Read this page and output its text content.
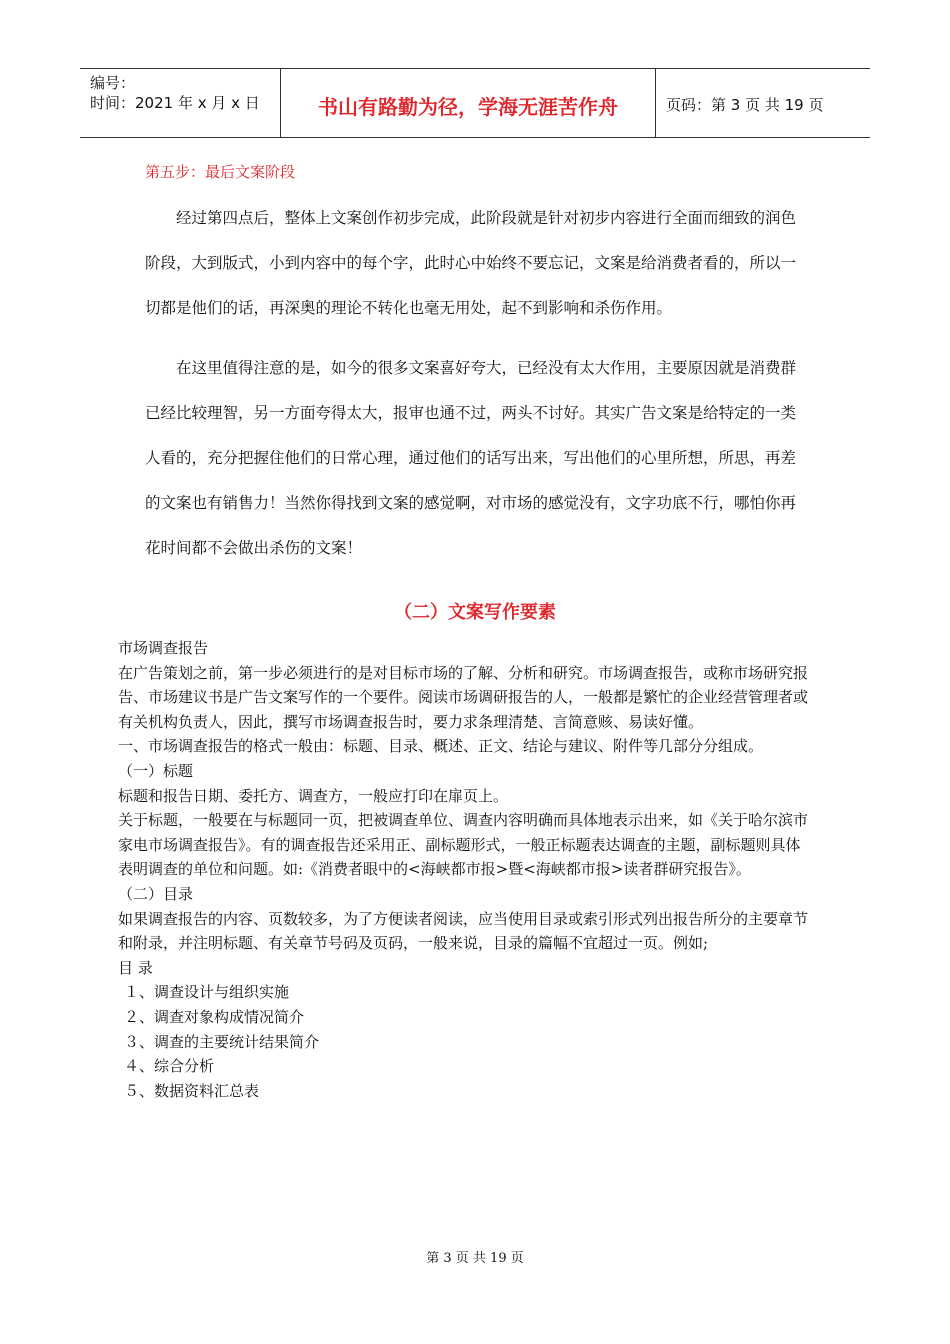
编号：
时间：2021 年 x 月 x 日	书山有路勤为径，学海无涯苦作舟	页码：第 3 页 共 19 页
第五步：最后文案阶段

经过第四点后，整体上文案创作初步完成，此阶段就是针对初步内容进行全面而细致的润色阶段，大到版式，小到内容中的每个字，此时心中始终不要忘记，文案是给消费者看的，所以一切都是他们的话，再深奥的理论不转化也毫无用处，起不到影响和杀伤作用。

在这里值得注意的是，如今的很多文案喜好夸大，已经没有太大作用，主要原因就是消费群已经比较理智，另一方面夸得太大，报审也通不过，两头不讨好。其实广告文案是给特定的一类人看的，充分把握住他们的日常心理，通过他们的话写出来，写出他们的心里所想，所思，再差的文案也有销售力！当然你得找到文案的感觉啊，对市场的感觉没有，文字功底不行，哪怕你再花时间都不会做出杀伤的文案！

（二）文案写作要素
市场调查报告
在广告策划之前，第一步必须进行的是对目标市场的了解、分析和研究。市场调查报告，或称市场研究报告、市场建议书是广告文案写作的一个要件。阅读市场调研报告的人，一般都是繁忙的企业经营管理者或有关机构负责人，因此，撰写市场调查报告时，要力求条理清楚、言简意赅、易读好懂。
一、市场调查报告的格式一般由：标题、目录、概述、正文、结论与建议、附件等几部分分组成。
（一）标题
标题和报告日期、委托方、调查方，一般应打印在扉页上。
关于标题，一般要在与标题同一页，把被调查单位、调查内容明确而具体地表示出来，如《关于哈尔滨市家电市场调查报告》。有的调查报告还采用正、副标题形式，一般正标题表达调查的主题，副标题则具体表明调查的单位和问题。如:《消费者眼中的<海峡都市报>暨<海峡都市报>读者群研究报告》。
（二）目录
如果调查报告的内容、页数较多，为了方便读者阅读，应当使用目录或索引形式列出报告所分的主要章节和附录，并注明标题、有关章节号码及页码，一般来说，目录的篇幅不宜超过一页。例如;
目 录
１、调查设计与组织实施
２、调查对象构成情况简介
３、调查的主要统计结果简介
４、综合分析
５、数据资料汇总表
第 3 页 共 19 页
